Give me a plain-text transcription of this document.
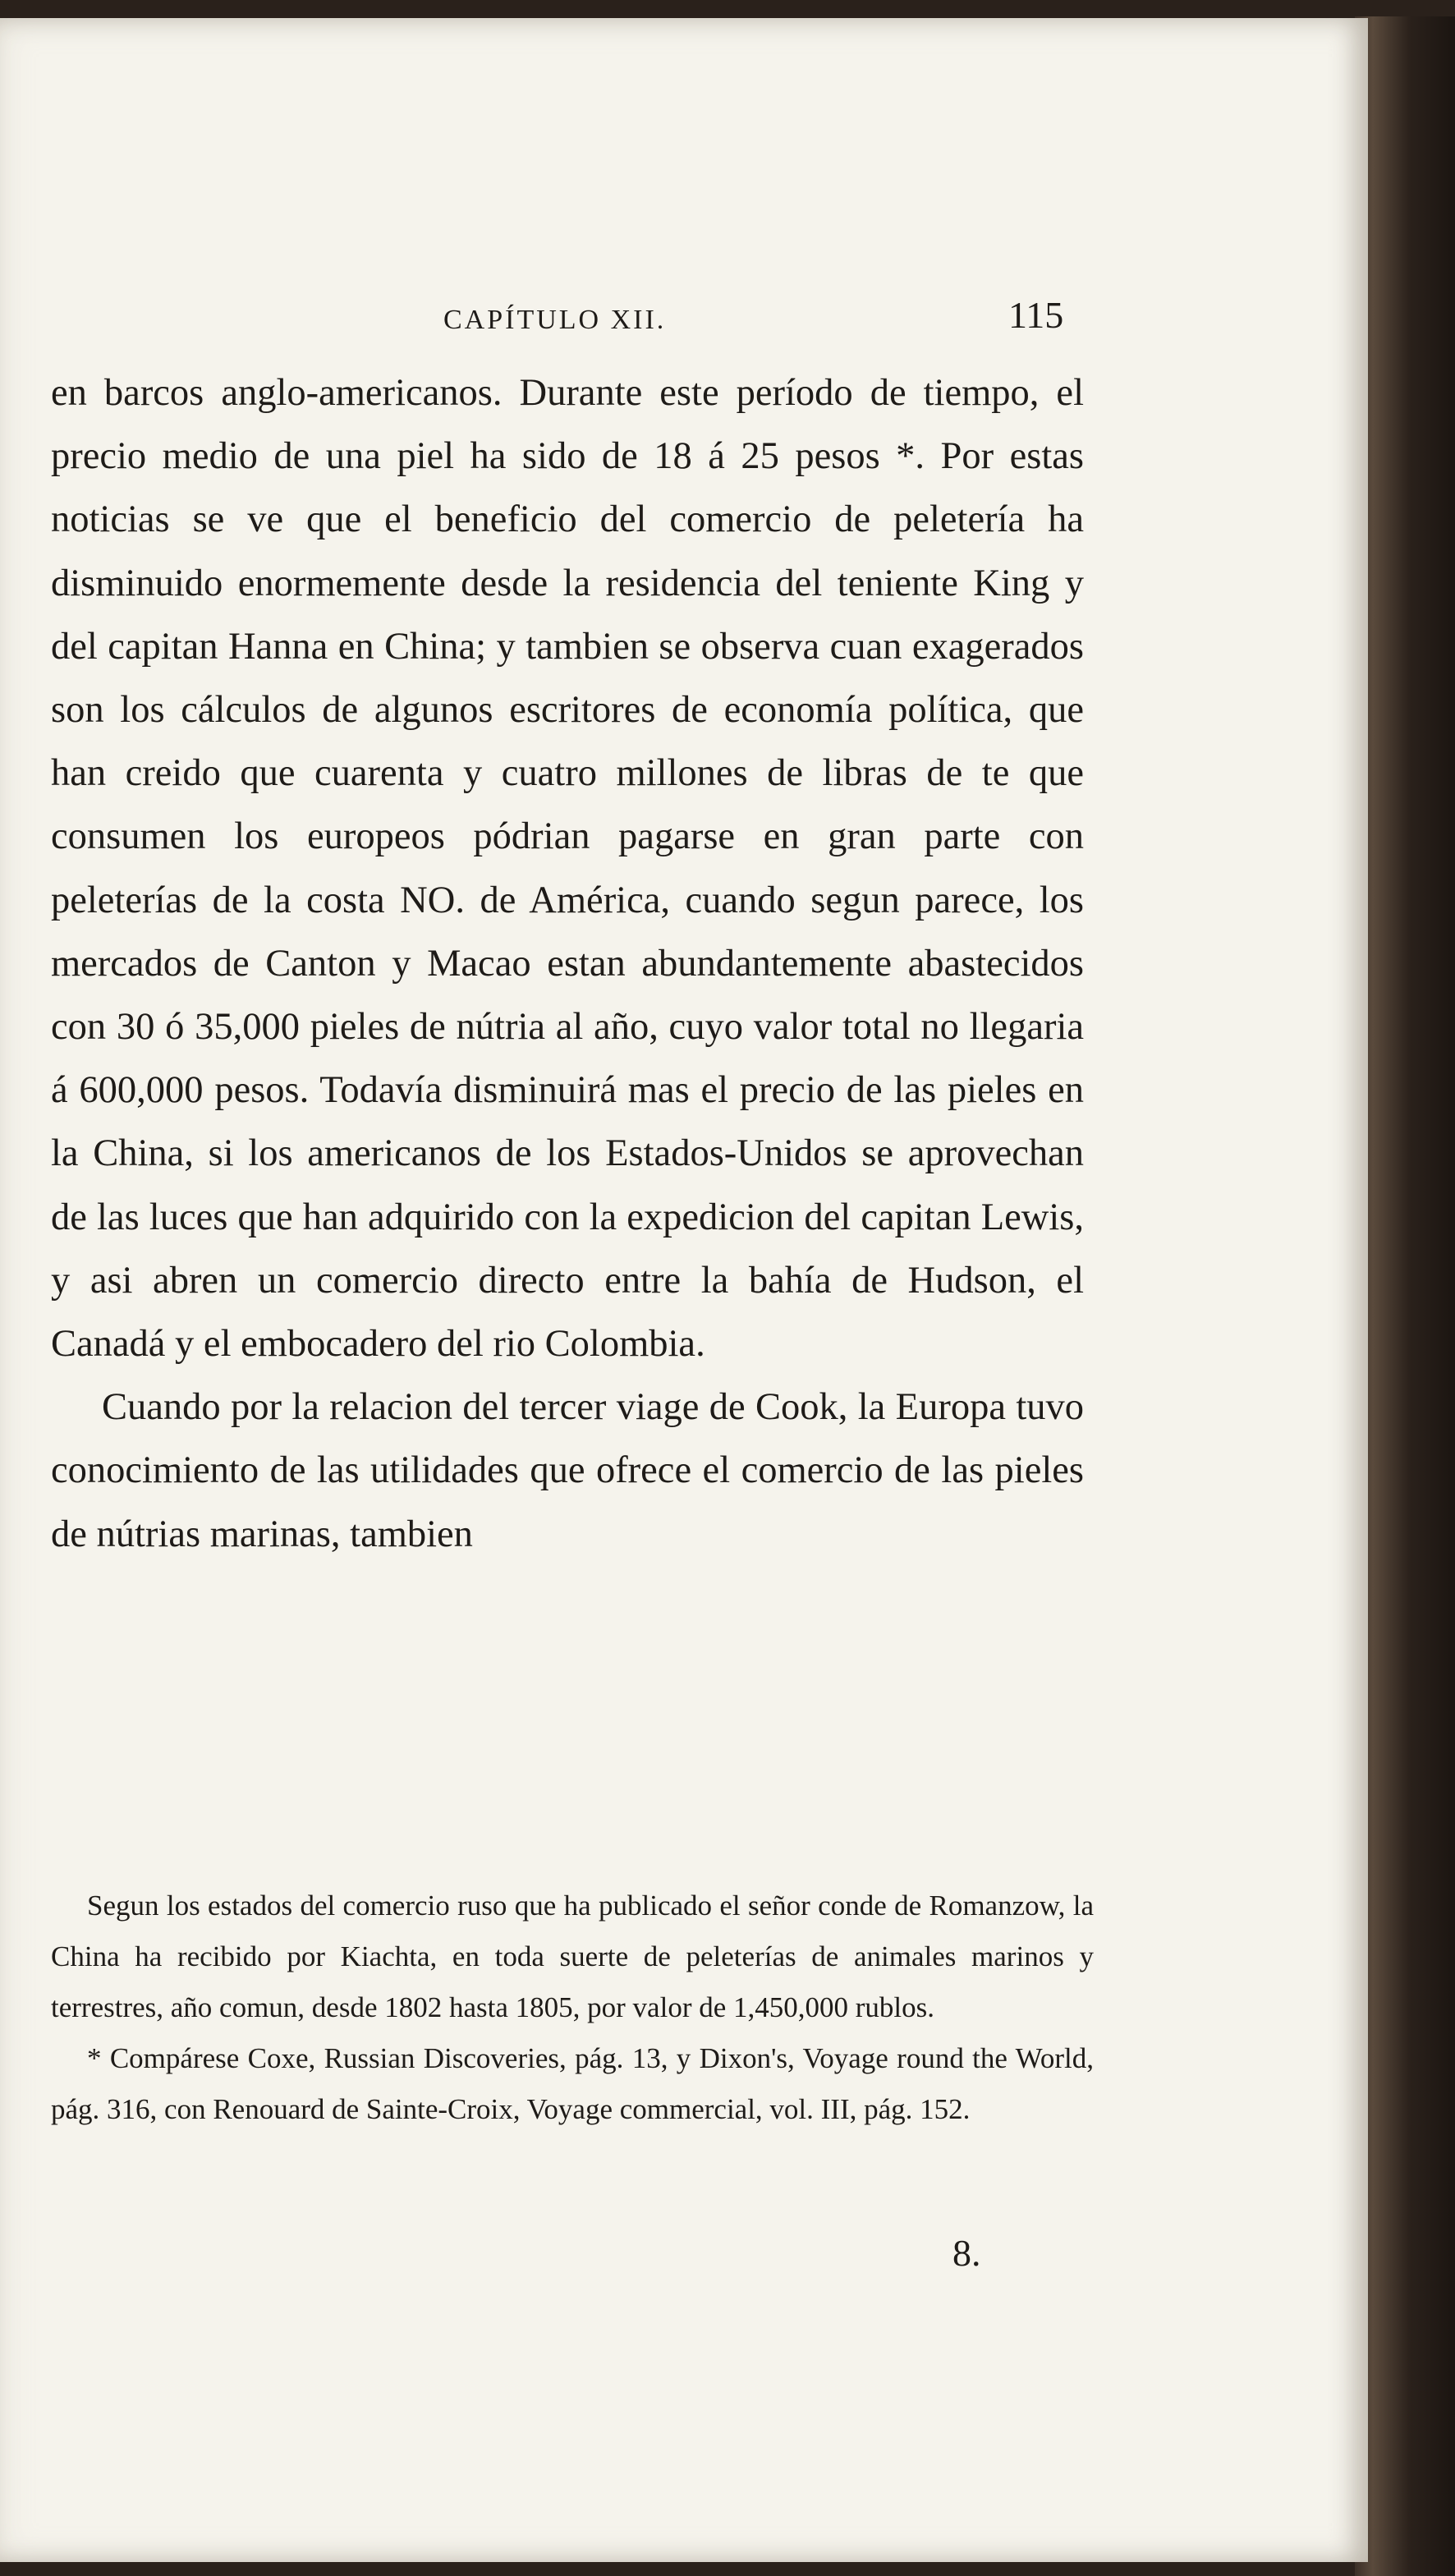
CAPÍTULO XII.	115

en barcos anglo-americanos. Durante este período de tiempo, el precio medio de una piel ha sido de 18 á 25 pesos *. Por estas noticias se ve que el beneficio del comercio de peletería ha disminuido enormemente desde la residencia del teniente King y del capitan Hanna en China; y tambien se observa cuan exagerados son los cálculos de algunos escritores de economía política, que han creido que cuarenta y cuatro millones de libras de te que consumen los europeos pódrian pagarse en gran parte con peleterías de la costa NO. de América, cuando segun parece, los mercados de Canton y Macao estan abundantemente abastecidos con 30 ó 35,000 pieles de nútria al año, cuyo valor total no llegaria á 600,000 pesos. Todavía disminuirá mas el precio de las pieles en la China, si los americanos de los Estados-Unidos se aprovechan de las luces que han adquirido con la expedicion del capitan Lewis, y asi abren un comercio directo entre la bahía de Hudson, el Canadá y el embocadero del rio Colombia.

Cuando por la relacion del tercer viage de Cook, la Europa tuvo conocimiento de las utilidades que ofrece el comercio de las pieles de nútrias marinas, tambien

Segun los estados del comercio ruso que ha publicado el señor conde de Romanzow, la China ha recibido por Kiachta, en toda suerte de peleterías de animales marinos y terrestres, año comun, desde 1802 hasta 1805, por valor de 1,450,000 rublos.

* Compárese Coxe, Russian Discoveries, pág. 13, y Dixon's, Voyage round the World, pág. 316, con Renouard de Sainte-Croix, Voyage commercial, vol. III, pág. 152.

8.
